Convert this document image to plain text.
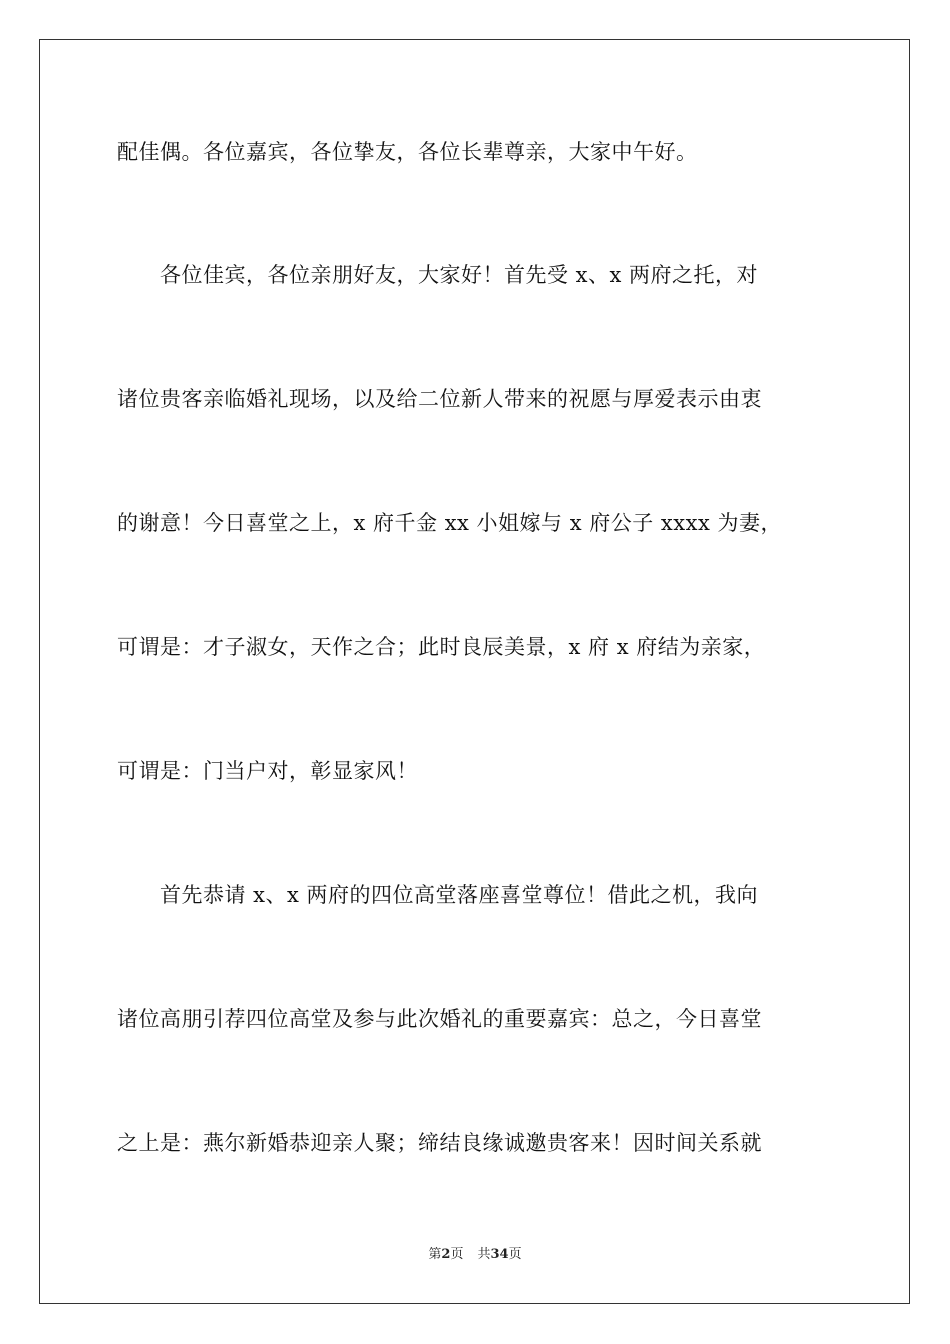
配佳偶。各位嘉宾，各位挚友，各位长辈尊亲，大家中午好。
　　各位佳宾，各位亲朋好友，大家好！首先受 x、x 两府之托，对
诸位贵客亲临婚礼现场，以及给二位新人带来的祝愿与厚爱表示由衷
的谢意！今日喜堂之上，x 府千金 xx 小姐嫁与 x 府公子 xxxx 为妻，
可谓是：才子淑女，天作之合；此时良辰美景，x 府 x 府结为亲家，
可谓是：门当户对，彰显家风！
　　首先恭请 x、x 两府的四位高堂落座喜堂尊位！借此之机，我向
诸位高朋引荐四位高堂及参与此次婚礼的重要嘉宾：总之，今日喜堂
之上是：燕尔新婚恭迎亲人聚；缔结良缘诚邀贵客来！因时间关系就
第2页 共34页
